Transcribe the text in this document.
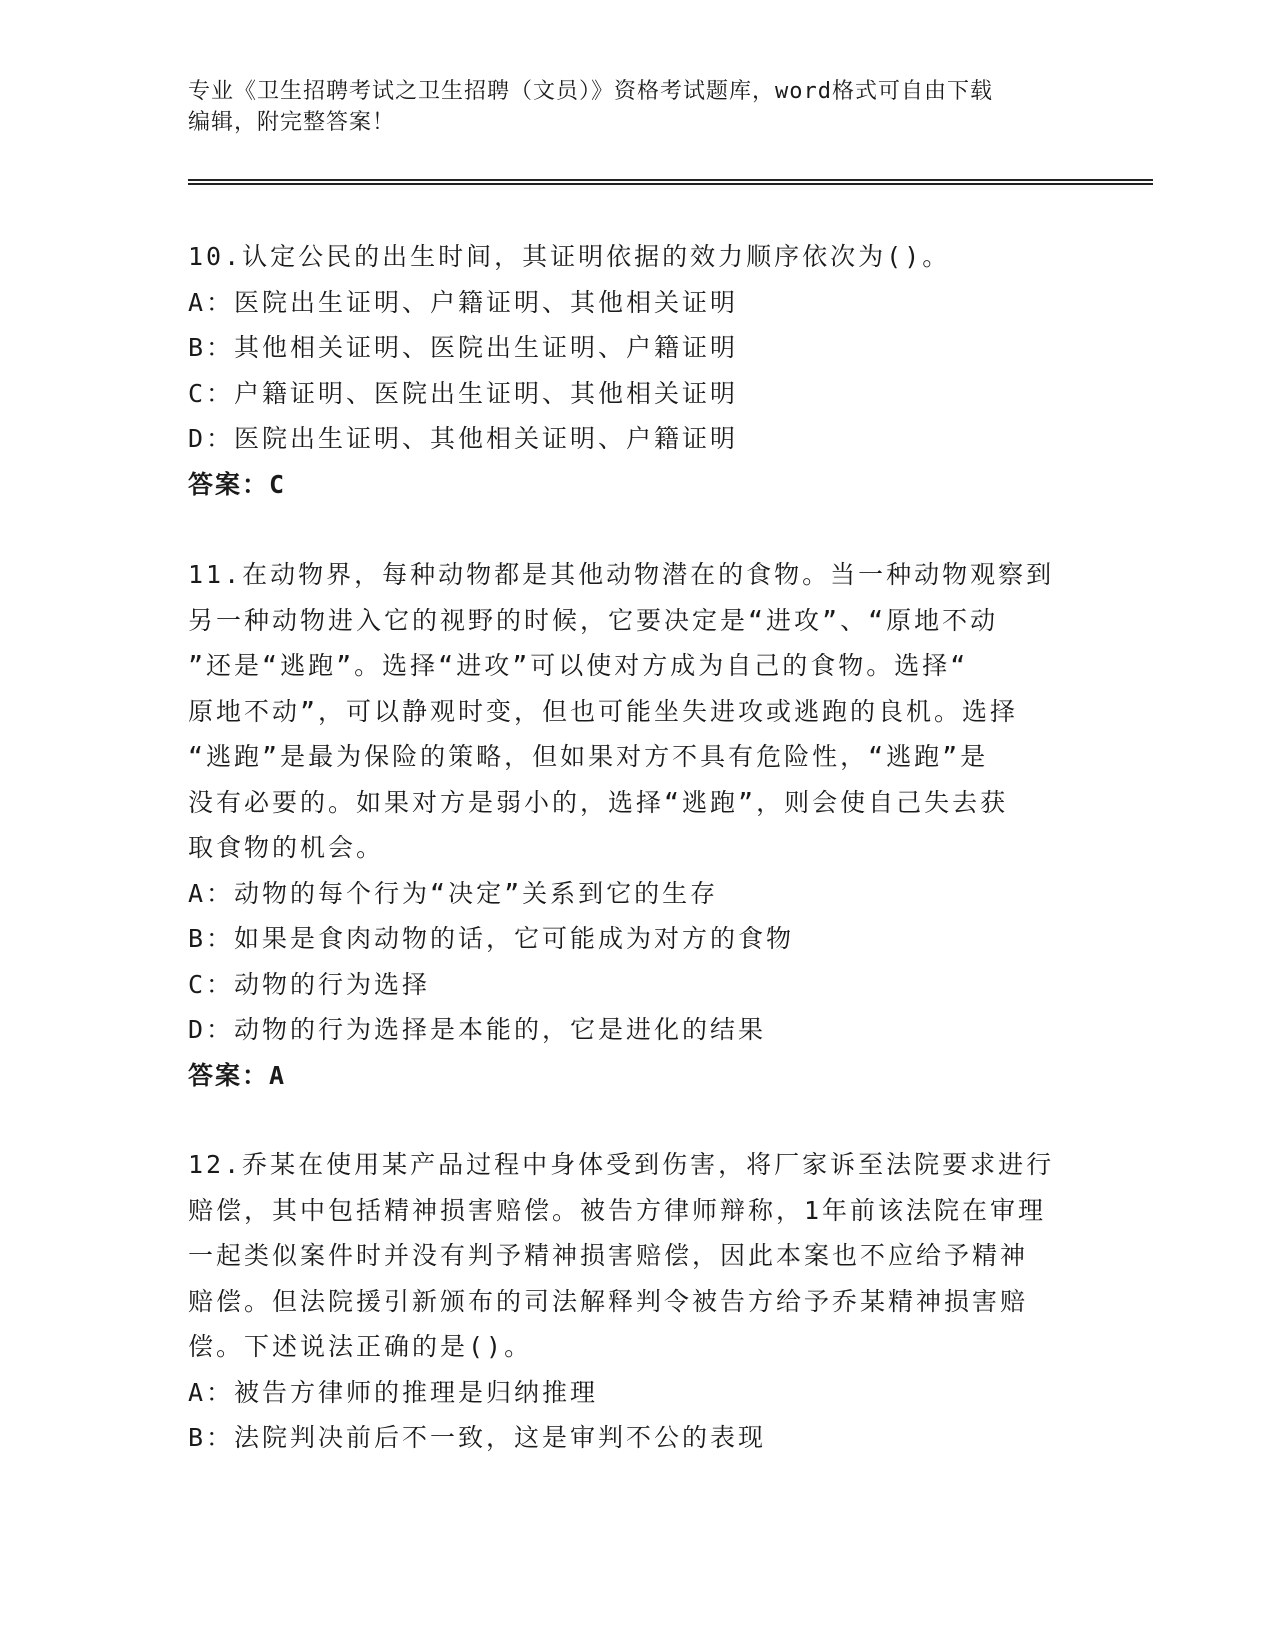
专业《卫生招聘考试之卫生招聘（文员）》资格考试题库，word格式可自由下载

编辑，附完整答案！

10.认定公民的出生时间，其证明依据的效力顺序依次为()。

A：医院出生证明、户籍证明、其他相关证明

B：其他相关证明、医院出生证明、户籍证明

C：户籍证明、医院出生证明、其他相关证明

D：医院出生证明、其他相关证明、户籍证明

答案：C

11.在动物界，每种动物都是其他动物潜在的食物。当一种动物观察到

另一种动物进入它的视野的时候，它要决定是“进攻”、“原地不动

”还是“逃跑”。选择“进攻”可以使对方成为自己的食物。选择“

原地不动”，可以静观时变，但也可能坐失进攻或逃跑的良机。选择

“逃跑”是最为保险的策略，但如果对方不具有危险性，“逃跑”是

没有必要的。如果对方是弱小的，选择“逃跑”，则会使自己失去获

取食物的机会。

A：动物的每个行为“决定”关系到它的生存

B：如果是食肉动物的话，它可能成为对方的食物

C：动物的行为选择

D：动物的行为选择是本能的，它是进化的结果

答案：A

12.乔某在使用某产品过程中身体受到伤害，将厂家诉至法院要求进行

赔偿，其中包括精神损害赔偿。被告方律师辩称，1年前该法院在审理

一起类似案件时并没有判予精神损害赔偿，因此本案也不应给予精神

赔偿。但法院援引新颁布的司法解释判令被告方给予乔某精神损害赔

偿。下述说法正确的是()。

A：被告方律师的推理是归纳推理

B：法院判决前后不一致，这是审判不公的表现
